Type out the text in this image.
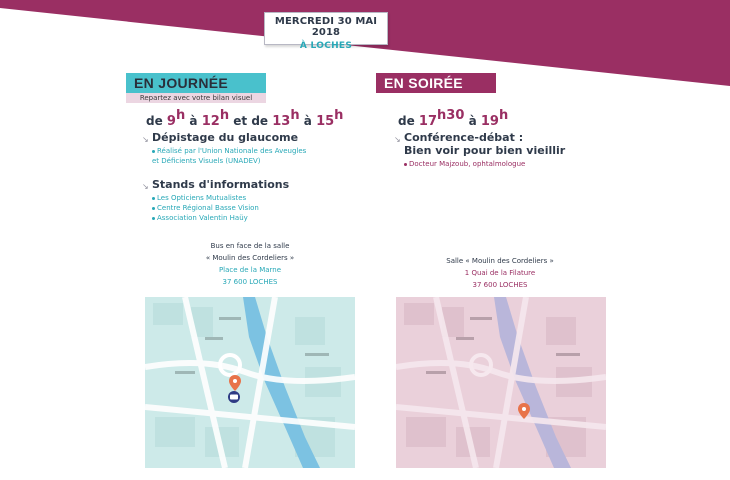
MERCREDI 30 MAI 2018
À LOCHES
EN JOURNÉE
Repartez avec votre bilan visuel
de 9$^h$ à 12$^h$ et de 13$^h$ à 15$^h$
↘ Dépistage du glaucome
Réalisé par l'Union Nationale des Aveugles
et Déficients Visuels (UNADEV)
↘ Stands d'informations
Les Opticiens Mutualistes
Centre Régional Basse Vision
Association Valentin Haüy
Bus en face de la salle
« Moulin des Cordeliers »
Place de la Marne
37 600 LOCHES
EN SOIRÉE
de $17^{h30}$ à 19$^h$
↘ Conférence-débat :
Bien voir pour bien vieillir
Docteur Majzoub, ophtalmologue
Salle « Moulin des Cordeliers »
1 Quai de la Filature
37 600 LOCHES
